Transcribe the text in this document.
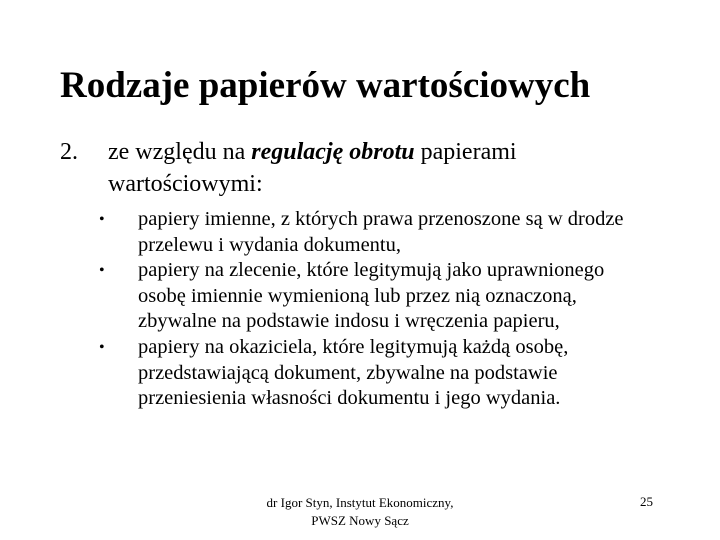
Rodzaje papierów wartościowych
2. ze względu na regulację obrotu papierami wartościowymi:
• papiery imienne, z których prawa przenoszone są w drodze przelewu i wydania dokumentu,
• papiery na zlecenie, które legitymują jako uprawnionego osobę imiennie wymienioną lub przez nią oznaczoną, zbywalne na podstawie indosu i wręczenia papieru,
• papiery na okaziciela, które legitymują każdą osobę, przedstawiającą dokument, zbywalne na podstawie przeniesienia własności dokumentu i jego wydania.
dr Igor Styn, Instytut Ekonomiczny,
PWSZ Nowy Sącz
25
